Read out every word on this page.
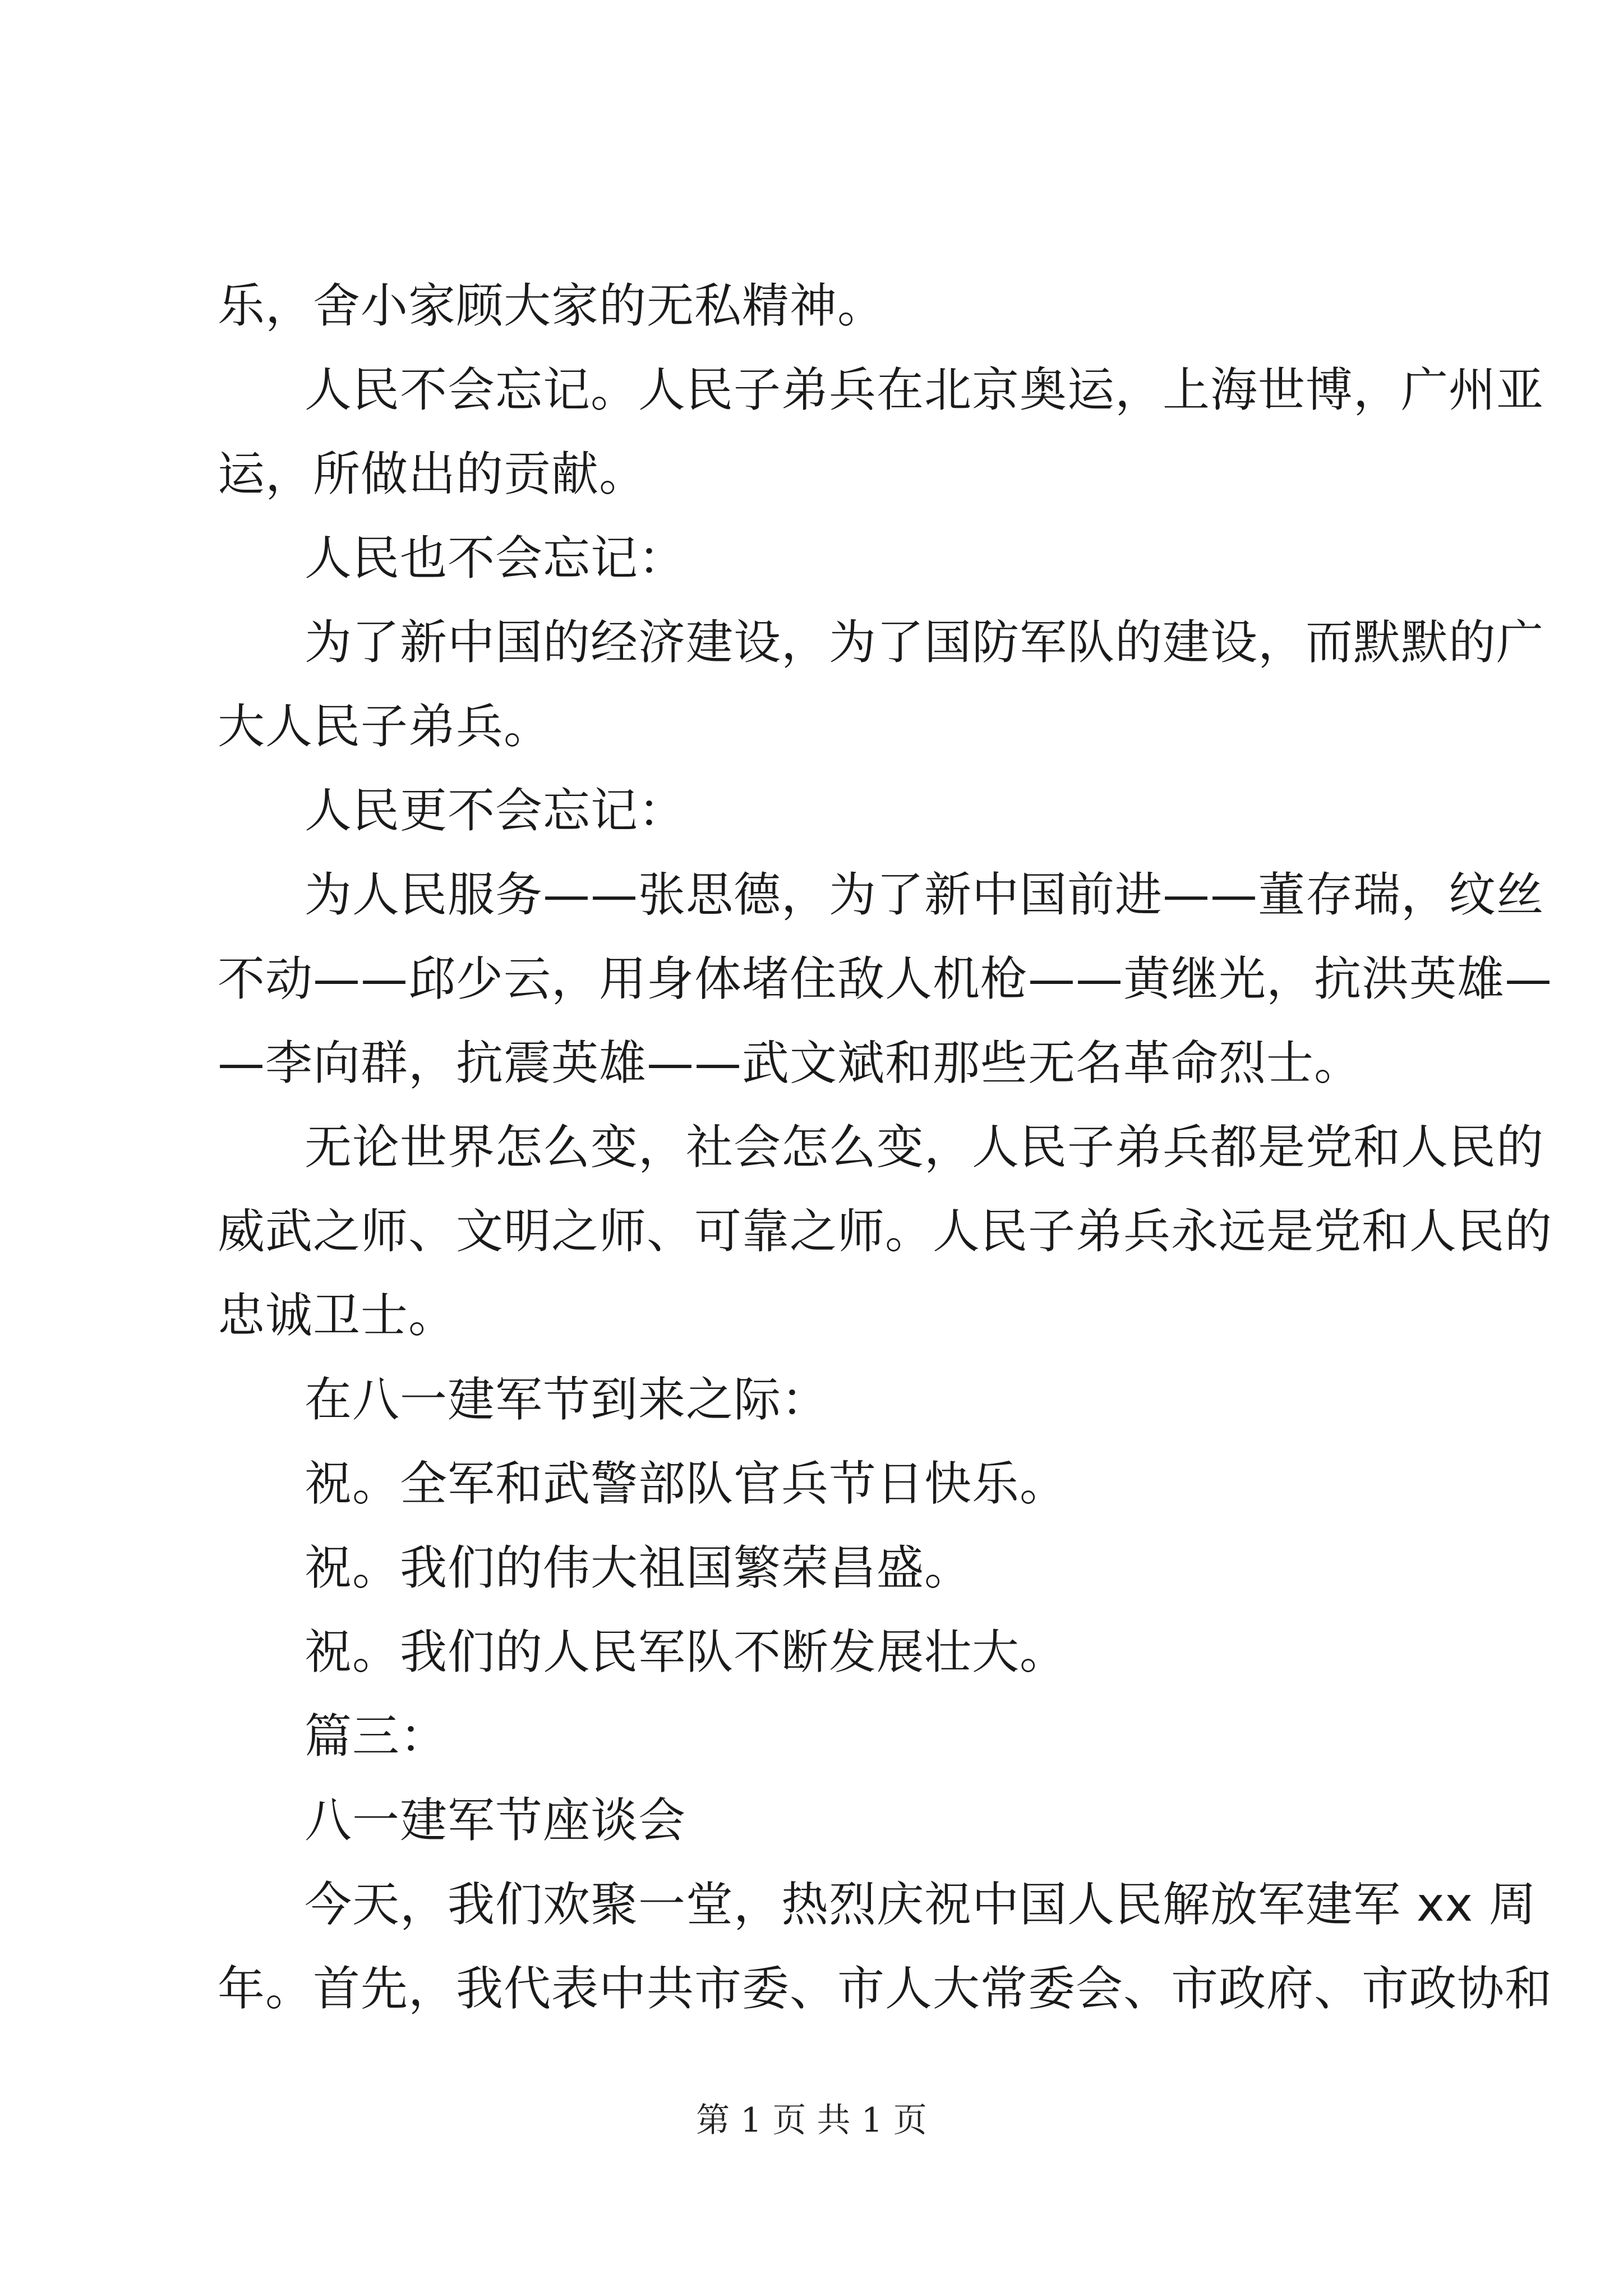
乐，舍小家顾大家的无私精神。
人民不会忘记。人民子弟兵在北京奥运，上海世博，广州亚
运，所做出的贡献。
人民也不会忘记：
为了新中国的经济建设，为了国防军队的建设，而默默的广
大人民子弟兵。
人民更不会忘记：
为人民服务——张思德，为了新中国前进——董存瑞，纹丝
不动——邱少云，用身体堵住敌人机枪——黄继光，抗洪英雄—
—李向群，抗震英雄——武文斌和那些无名革命烈士。
无论世界怎么变，社会怎么变，人民子弟兵都是党和人民的
威武之师、文明之师、可靠之师。人民子弟兵永远是党和人民的
忠诚卫士。
在八一建军节到来之际：
祝。全军和武警部队官兵节日快乐。
祝。我们的伟大祖国繁荣昌盛。
祝。我们的人民军队不断发展壮大。
篇三：
八一建军节座谈会
今天，我们欢聚一堂，热烈庆祝中国人民解放军建军 xx 周
年。首先，我代表中共市委、市人大常委会、市政府、市政协和
第 1 页 共 1 页
